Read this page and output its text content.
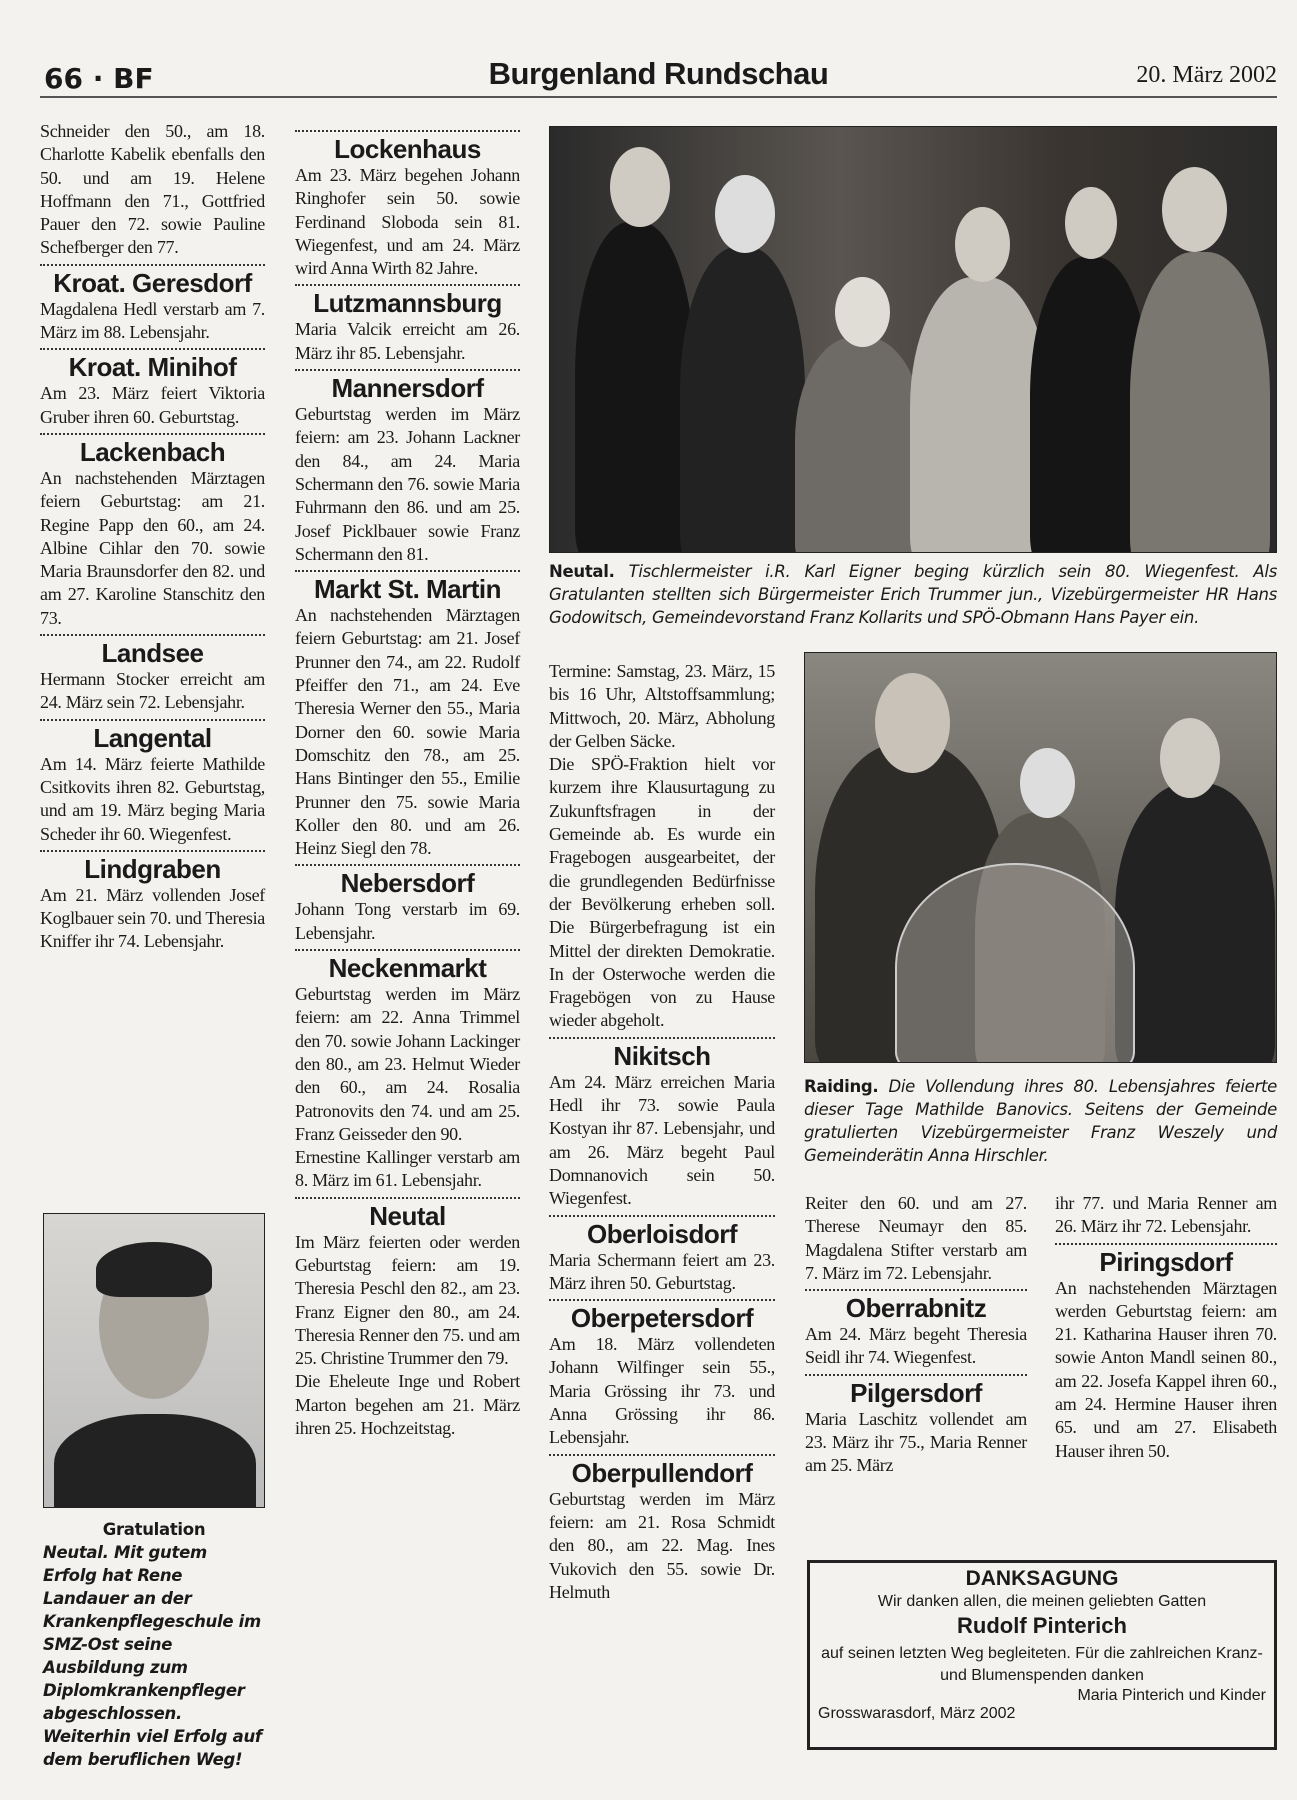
66 · BF	Burgenland Rundschau	20. März 2002

Schneider den 50., am 18. Charlotte Kabelik ebenfalls den 50. und am 19. Helene Hoffmann den 71., Gottfried Pauer den 72. sowie Pauline Schefberger den 77.

Kroat. Geresdorf

Magdalena Hedl verstarb am 7. März im 88. Lebensjahr.

Kroat. Minihof

Am 23. März feiert Viktoria Gruber ihren 60. Geburtstag.

Lackenbach

An nachstehenden Märztagen feiern Geburtstag: am 21. Regine Papp den 60., am 24. Albine Cihlar den 70. sowie Maria Braunsdorfer den 82. und am 27. Karoline Stanschitz den 73.

Landsee

Hermann Stocker erreicht am 24. März sein 72. Lebensjahr.

Langental

Am 14. März feierte Mathilde Csitkovits ihren 82. Geburtstag, und am 19. März beging Maria Scheder ihr 60. Wiegenfest.

Lindgraben

Am 21. März vollenden Josef Koglbauer sein 70. und Theresia Kniffer ihr 74. Lebensjahr.

Lockenhaus

Am 23. März begehen Johann Ringhofer sein 50. sowie Ferdinand Sloboda sein 81. Wiegenfest, und am 24. März wird Anna Wirth 82 Jahre.

Lutzmannsburg

Maria Valcik erreicht am 26. März ihr 85. Lebensjahr.

Mannersdorf

Geburtstag werden im März feiern: am 23. Johann Lackner den 84., am 24. Maria Schermann den 76. sowie Maria Fuhrmann den 86. und am 25. Josef Picklbauer sowie Franz Schermann den 81.

Markt St. Martin

An nachstehenden Märztagen feiern Geburtstag: am 21. Josef Prunner den 74., am 22. Rudolf Pfeiffer den 71., am 24. Eve Theresia Werner den 55., Maria Dorner den 60. sowie Maria Domschitz den 78., am 25. Hans Bintinger den 55., Emilie Prunner den 75. sowie Maria Koller den 80. und am 26. Heinz Siegl den 78.

Nebersdorf

Johann Tong verstarb im 69. Lebensjahr.

Neckenmarkt

Geburtstag werden im März feiern: am 22. Anna Trimmel den 70. sowie Johann Lackinger den 80., am 23. Helmut Wieder den 60., am 24. Rosalia Patronovits den 74. und am 25. Franz Geisseder den 90.

Ernestine Kallinger verstarb am 8. März im 61. Lebensjahr.

Neutal

Im März feierten oder werden Geburtstag feiern: am 19. Theresia Peschl den 82., am 23. Franz Eigner den 80., am 24. Theresia Renner den 75. und am 25. Christine Trummer den 79.

Die Eheleute Inge und Robert Marton begehen am 21. März ihren 25. Hochzeitstag.

Termine: Samstag, 23. März, 15 bis 16 Uhr, Altstoffsammlung; Mittwoch, 20. März, Abholung der Gelben Säcke.

Die SPÖ-Fraktion hielt vor kurzem ihre Klausurtagung zu Zukunftsfragen in der Gemeinde ab. Es wurde ein Fragebogen ausgearbeitet, der die grundlegenden Bedürfnisse der Bevölkerung erheben soll. Die Bürgerbefragung ist ein Mittel der direkten Demokratie. In der Osterwoche werden die Fragebögen von zu Hause wieder abgeholt.

Nikitsch

Am 24. März erreichen Maria Hedl ihr 73. sowie Paula Kostyan ihr 87. Lebensjahr, und am 26. März begeht Paul Domnanovich sein 50. Wiegenfest.

Oberloisdorf

Maria Schermann feiert am 23. März ihren 50. Geburtstag.

Oberpetersdorf

Am 18. März vollendeten Johann Wilfinger sein 55., Maria Grössing ihr 73. und Anna Grössing ihr 86. Lebensjahr.

Oberpullendorf

Geburtstag werden im März feiern: am 21. Rosa Schmidt den 80., am 22. Mag. Ines Vukovich den 55. sowie Dr. Helmuth

Reiter den 60. und am 27. Therese Neumayr den 85. Magdalena Stifter verstarb am 7. März im 72. Lebensjahr.

Oberrabnitz

Am 24. März begeht Theresia Seidl ihr 74. Wiegenfest.

Pilgersdorf

Maria Laschitz vollendet am 23. März ihr 75., Maria Renner am 25. März

ihr 77. und Maria Renner am 26. März ihr 72. Lebensjahr.

Piringsdorf

An nachstehenden Märztagen werden Geburtstag feiern: am 21. Katharina Hauser ihren 70. sowie Anton Mandl seinen 80., am 22. Josefa Kappel ihren 60., am 24. Hermine Hauser ihren 65. und am 27. Elisabeth Hauser ihren 50.

Neutal. Tischlermeister i.R. Karl Eigner beging kürzlich sein 80. Wiegenfest. Als Gratulanten stellten sich Bürgermeister Erich Trummer jun., Vizebürgermeister HR Hans Godowitsch, Gemeindevorstand Franz Kollarits und SPÖ-Obmann Hans Payer ein.
Raiding. Die Vollendung ihres 80. Lebensjahres feierte dieser Tage Mathilde Banovics. Seitens der Gemeinde gratulierten Vizebürgermeister Franz Weszely und Gemeinderätin Anna Hirschler.
Gratulation
Neutal. Mit gutem Erfolg hat Rene Landauer an der Krankenpflegeschule im SMZ-Ost seine Ausbildung zum Diplomkrankenpfleger abgeschlossen. Weiterhin viel Erfolg auf dem beruflichen Weg!
DANKSAGUNG
Wir danken allen, die meinen geliebten Gatten
Rudolf Pinterich
auf seinen letzten Weg begleiteten. Für die zahlreichen Kranz- und Blumenspenden danken
Maria Pinterich und Kinder
Grosswarasdorf, März 2002
